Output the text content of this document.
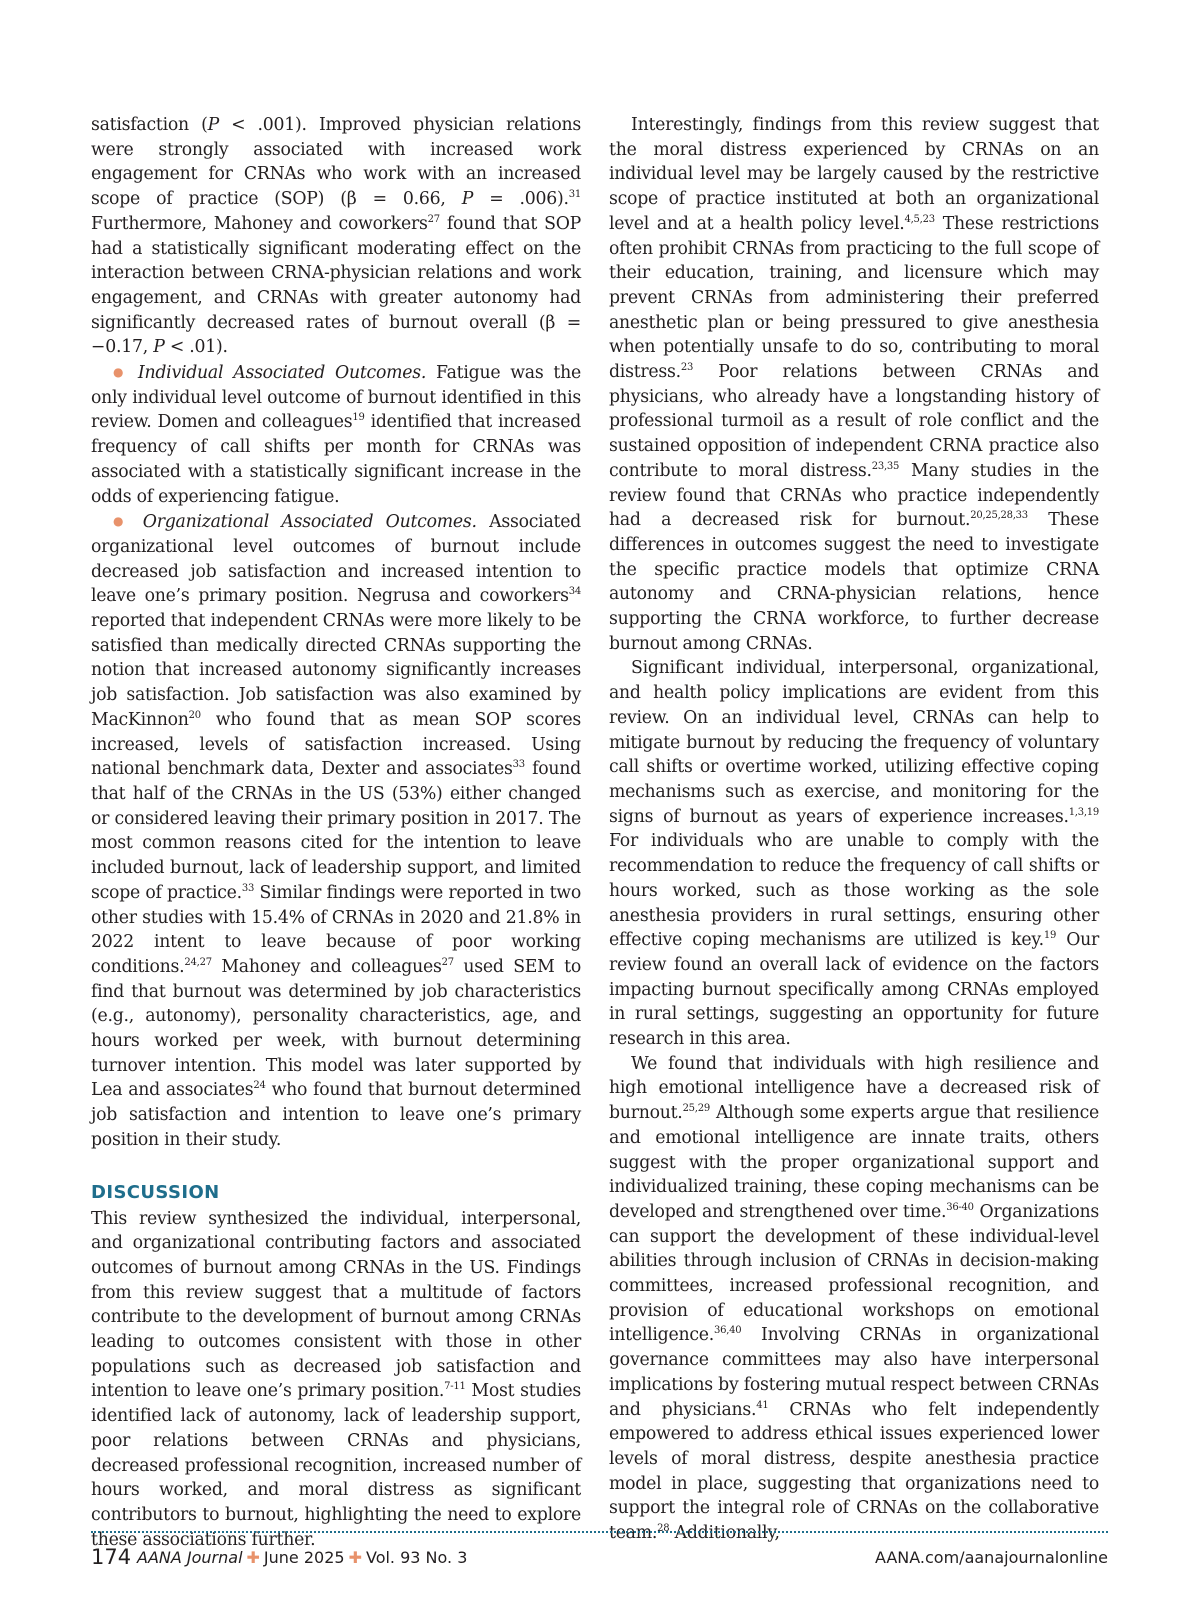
satisfaction (P < .001). Improved physician relations were strongly associated with increased work engagement for CRNAs who work with an increased scope of practice (SOP) (β = 0.66, P = .006).$^{31}$ Furthermore, Mahoney and coworkers$^{27}$ found that SOP had a statistically significant moderating effect on the interaction between CRNA-physician relations and work engagement, and CRNAs with greater autonomy had significantly decreased rates of burnout overall (β = −0.17, P < .01).

● Individual Associated Outcomes. Fatigue was the only individual level outcome of burnout identified in this review. Domen and colleagues$^{19}$ identified that increased frequency of call shifts per month for CRNAs was associated with a statistically significant increase in the odds of experiencing fatigue.

● Organizational Associated Outcomes. Associated organizational level outcomes of burnout include decreased job satisfaction and increased intention to leave one’s primary position. Negrusa and coworkers$^{34}$ reported that independent CRNAs were more likely to be satisfied than medically directed CRNAs supporting the notion that increased autonomy significantly increases job satisfaction. Job satisfaction was also examined by MacKinnon$^{20}$ who found that as mean SOP scores increased, levels of satisfaction increased. Using national benchmark data, Dexter and associates$^{33}$ found that half of the CRNAs in the US (53%) either changed or considered leaving their primary position in 2017. The most common reasons cited for the intention to leave included burnout, lack of leadership support, and limited scope of practice.$^{33}$ Similar findings were reported in two other studies with 15.4% of CRNAs in 2020 and 21.8% in 2022 intent to leave because of poor working conditions.$^{24,27}$ Mahoney and colleagues$^{27}$ used SEM to find that burnout was determined by job characteristics (e.g., autonomy), personality characteristics, age, and hours worked per week, with burnout determining turnover intention. This model was later supported by Lea and associates$^{24}$ who found that burnout determined job satisfaction and intention to leave one’s primary position in their study.

DISCUSSION

This review synthesized the individual, interpersonal, and organizational contributing factors and associated outcomes of burnout among CRNAs in the US. Findings from this review suggest that a multitude of factors contribute to the development of burnout among CRNAs leading to outcomes consistent with those in other populations such as decreased job satisfaction and intention to leave one’s primary position.$^{7-11}$ Most studies identified lack of autonomy, lack of leadership support, poor relations between CRNAs and physicians, decreased professional recognition, increased number of hours worked, and moral distress as significant contributors to burnout, highlighting the need to explore these associations further.

Interestingly, findings from this review suggest that the moral distress experienced by CRNAs on an individual level may be largely caused by the restrictive scope of practice instituted at both an organizational level and at a health policy level.$^{4,5,23}$ These restrictions often prohibit CRNAs from practicing to the full scope of their education, training, and licensure which may prevent CRNAs from administering their preferred anesthetic plan or being pressured to give anesthesia when potentially unsafe to do so, contributing to moral distress.$^{23}$ Poor relations between CRNAs and physicians, who already have a longstanding history of professional turmoil as a result of role conflict and the sustained opposition of independent CRNA practice also contribute to moral distress.$^{23,35}$ Many studies in the review found that CRNAs who practice independently had a decreased risk for burnout.$^{20,25,28,33}$ These differences in outcomes suggest the need to investigate the specific practice models that optimize CRNA autonomy and CRNA-physician relations, hence supporting the CRNA workforce, to further decrease burnout among CRNAs.

Significant individual, interpersonal, organizational, and health policy implications are evident from this review. On an individual level, CRNAs can help to mitigate burnout by reducing the frequency of voluntary call shifts or overtime worked, utilizing effective coping mechanisms such as exercise, and monitoring for the signs of burnout as years of experience increases.$^{1,3,19}$ For individuals who are unable to comply with the recommendation to reduce the frequency of call shifts or hours worked, such as those working as the sole anesthesia providers in rural settings, ensuring other effective coping mechanisms are utilized is key.$^{19}$ Our review found an overall lack of evidence on the factors impacting burnout specifically among CRNAs employed in rural settings, suggesting an opportunity for future research in this area.

We found that individuals with high resilience and high emotional intelligence have a decreased risk of burnout.$^{25,29}$ Although some experts argue that resilience and emotional intelligence are innate traits, others suggest with the proper organizational support and individualized training, these coping mechanisms can be developed and strengthened over time.$^{36-40}$ Organizations can support the development of these individual-level abilities through inclusion of CRNAs in decision-making committees, increased professional recognition, and provision of educational workshops on emotional intelligence.$^{36,40}$ Involving CRNAs in organizational governance committees may also have interpersonal implications by fostering mutual respect between CRNAs and physicians.$^{41}$ CRNAs who felt independently empowered to address ethical issues experienced lower levels of moral distress, despite anesthesia practice model in place, suggesting that organizations need to support the integral role of CRNAs on the collaborative team.$^{28}$ Additionally,

174 AANA Journal ✚ June 2025 ✚ Vol. 93 No. 3	AANA.com/aanajournalonline
